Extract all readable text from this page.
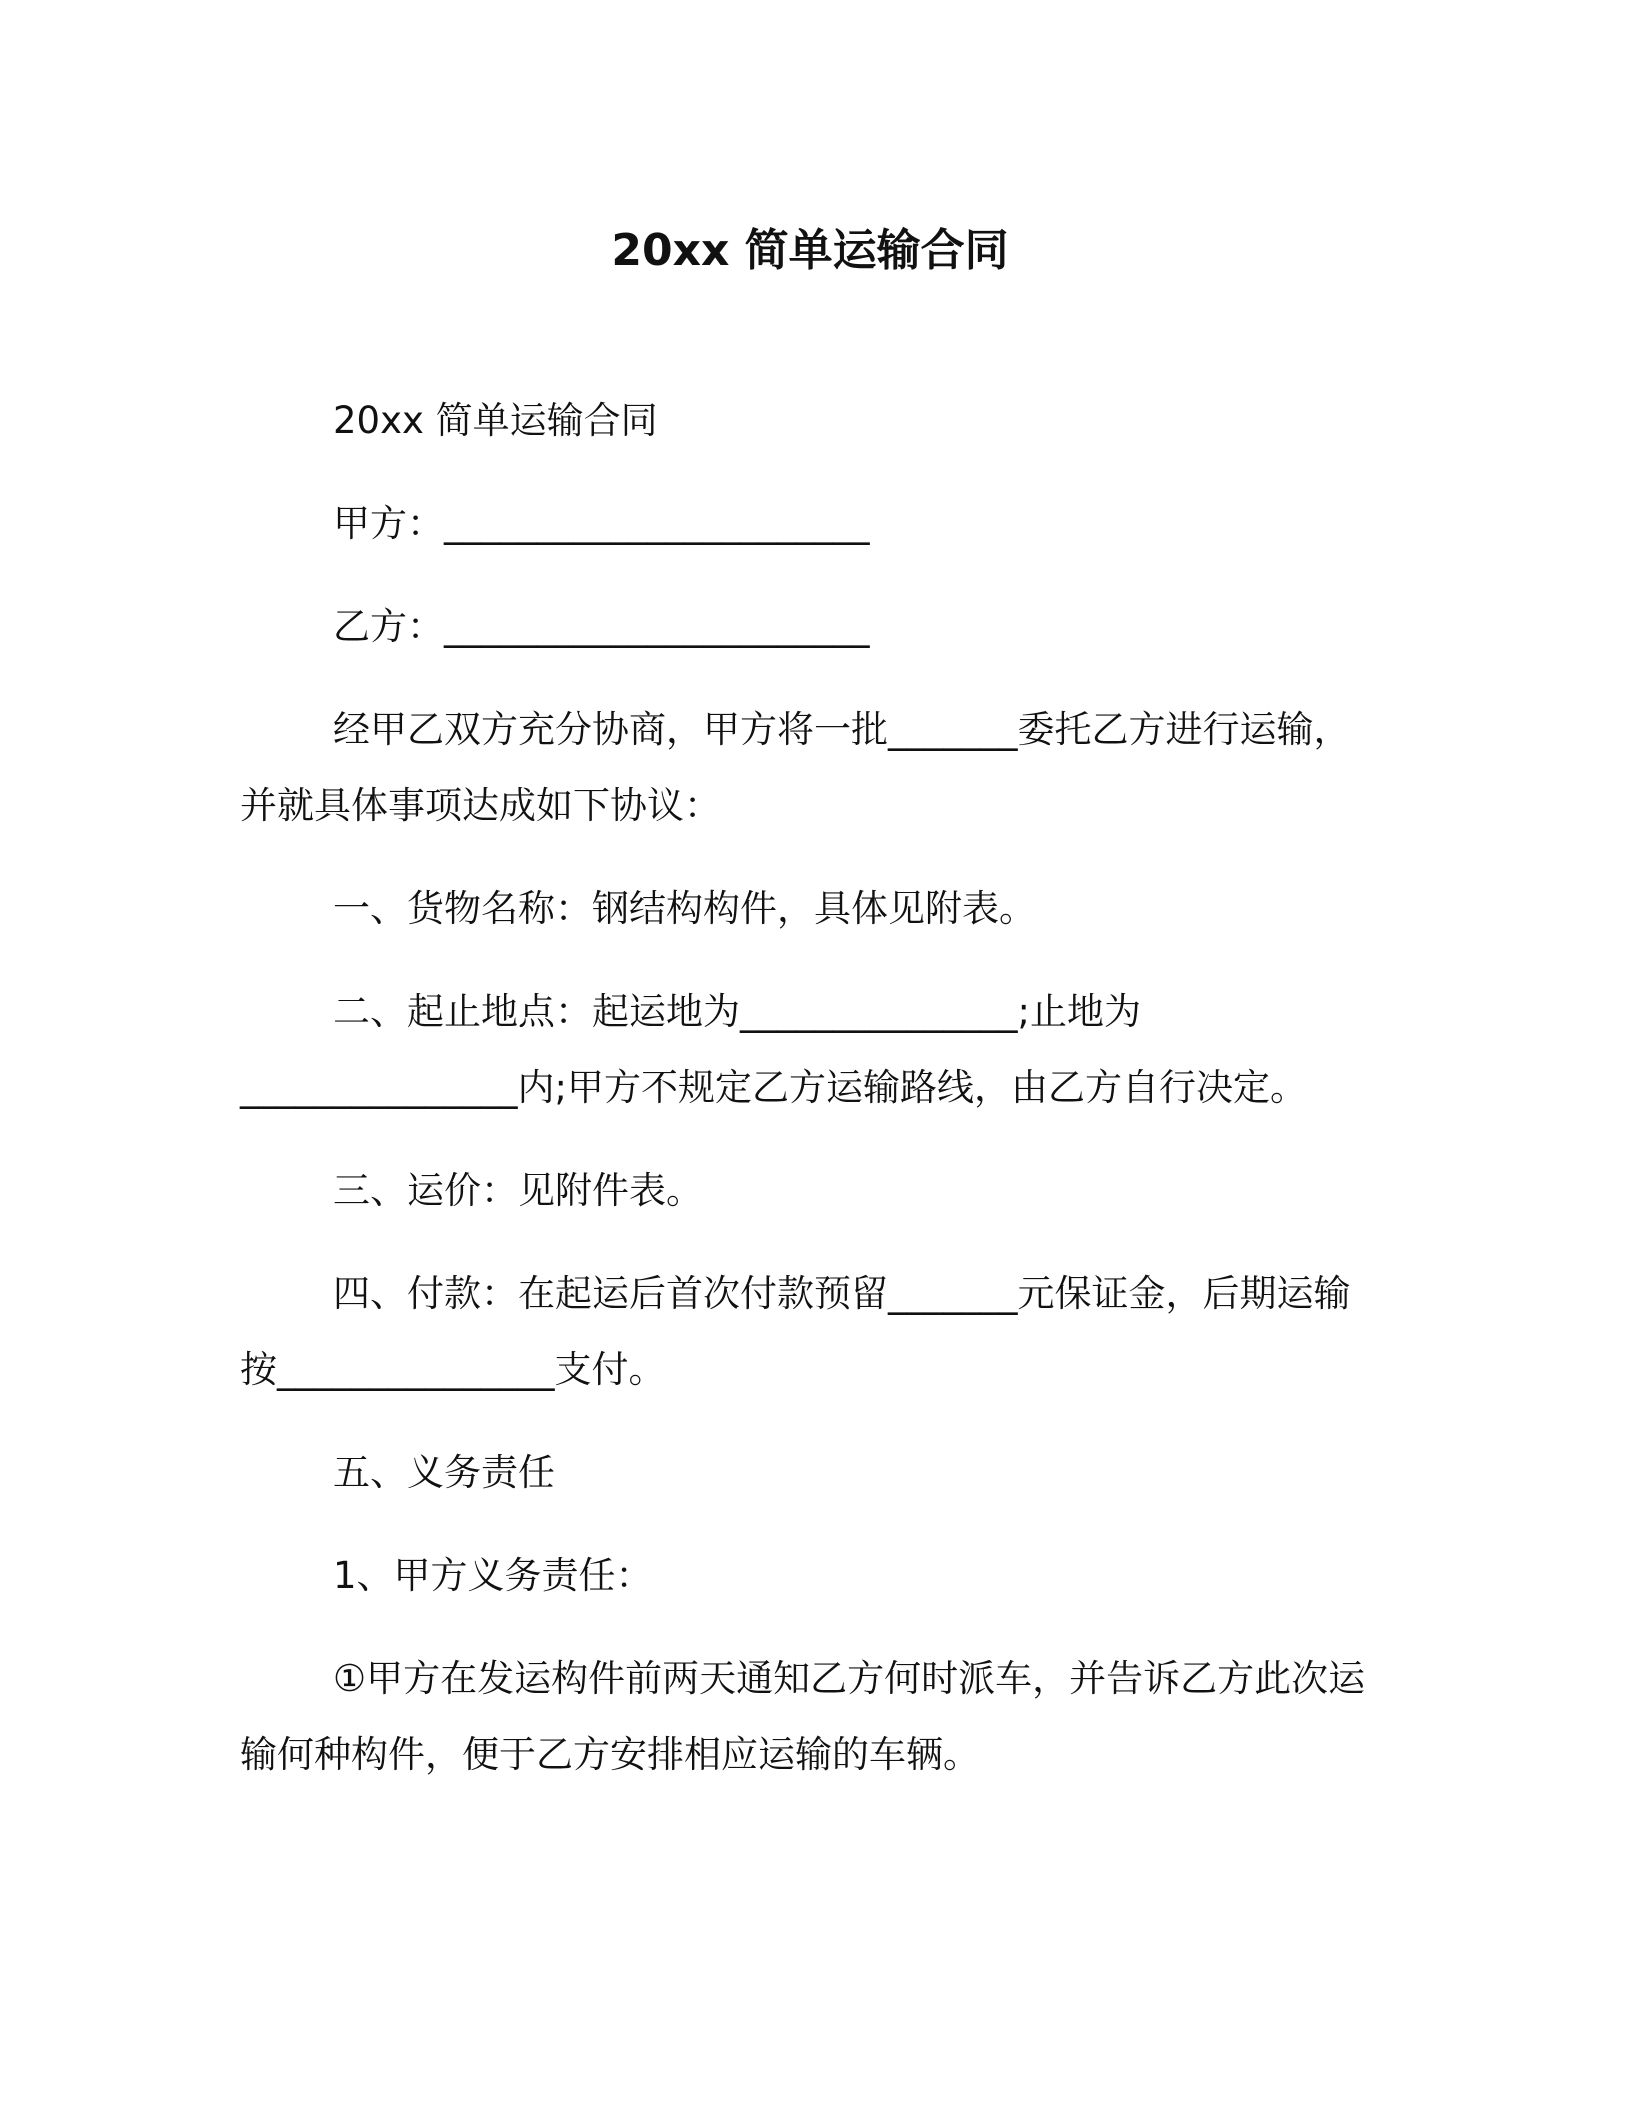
20xx 简单运输合同

20xx 简单运输合同

甲方：_______________________

乙方：_______________________

经甲乙双方充分协商，甲方将一批_______委托乙方进行运输，
并就具体事项达成如下协议：

一、货物名称：钢结构构件，具体见附表。

二、起止地点：起运地为_______________;止地为
_______________内;甲方不规定乙方运输路线，由乙方自行决定。

三、运价：见附件表。

四、付款：在起运后首次付款预留_______元保证金，后期运输
按_______________支付。

五、义务责任

1、甲方义务责任：

①甲方在发运构件前两天通知乙方何时派车，并告诉乙方此次运
输何种构件，便于乙方安排相应运输的车辆。
